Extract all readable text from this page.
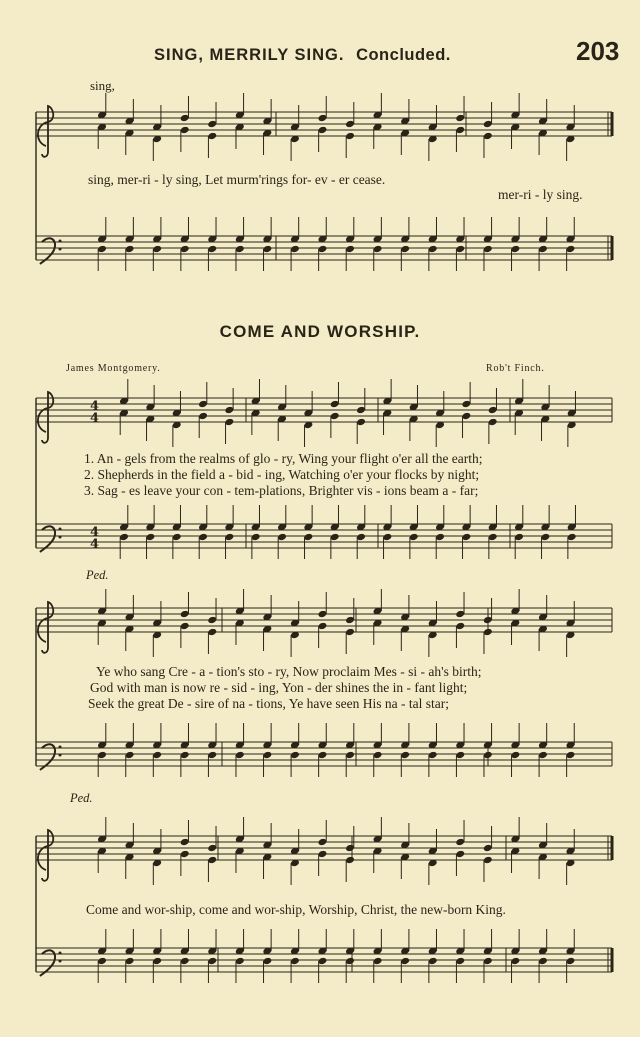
SING, MERRILY SING. Concluded.	203
4
4
4
4
sing,
sing, mer-ri - ly sing, Let murm'rings for- ev - er cease.
mer-ri - ly sing.
COME AND WORSHIP.
James Montgomery.	Rob't Finch.
1. An - gels from the realms of glo - ry, Wing your flight o'er all the earth;
2. Shepherds in the field a - bid - ing, Watching o'er your flocks by night;
3. Sag - es leave your con - tem-plations, Brighter vis - ions beam a - far;
Ped.
Ped.
Ye who sang Cre - a - tion's sto - ry, Now proclaim Mes - si - ah's birth;
God with man is now re - sid - ing, Yon - der shines the in - fant light;
Seek the great De - sire of na - tions, Ye have seen His na - tal star;
Come and wor-ship, come and wor-ship, Worship, Christ, the new-born King.
